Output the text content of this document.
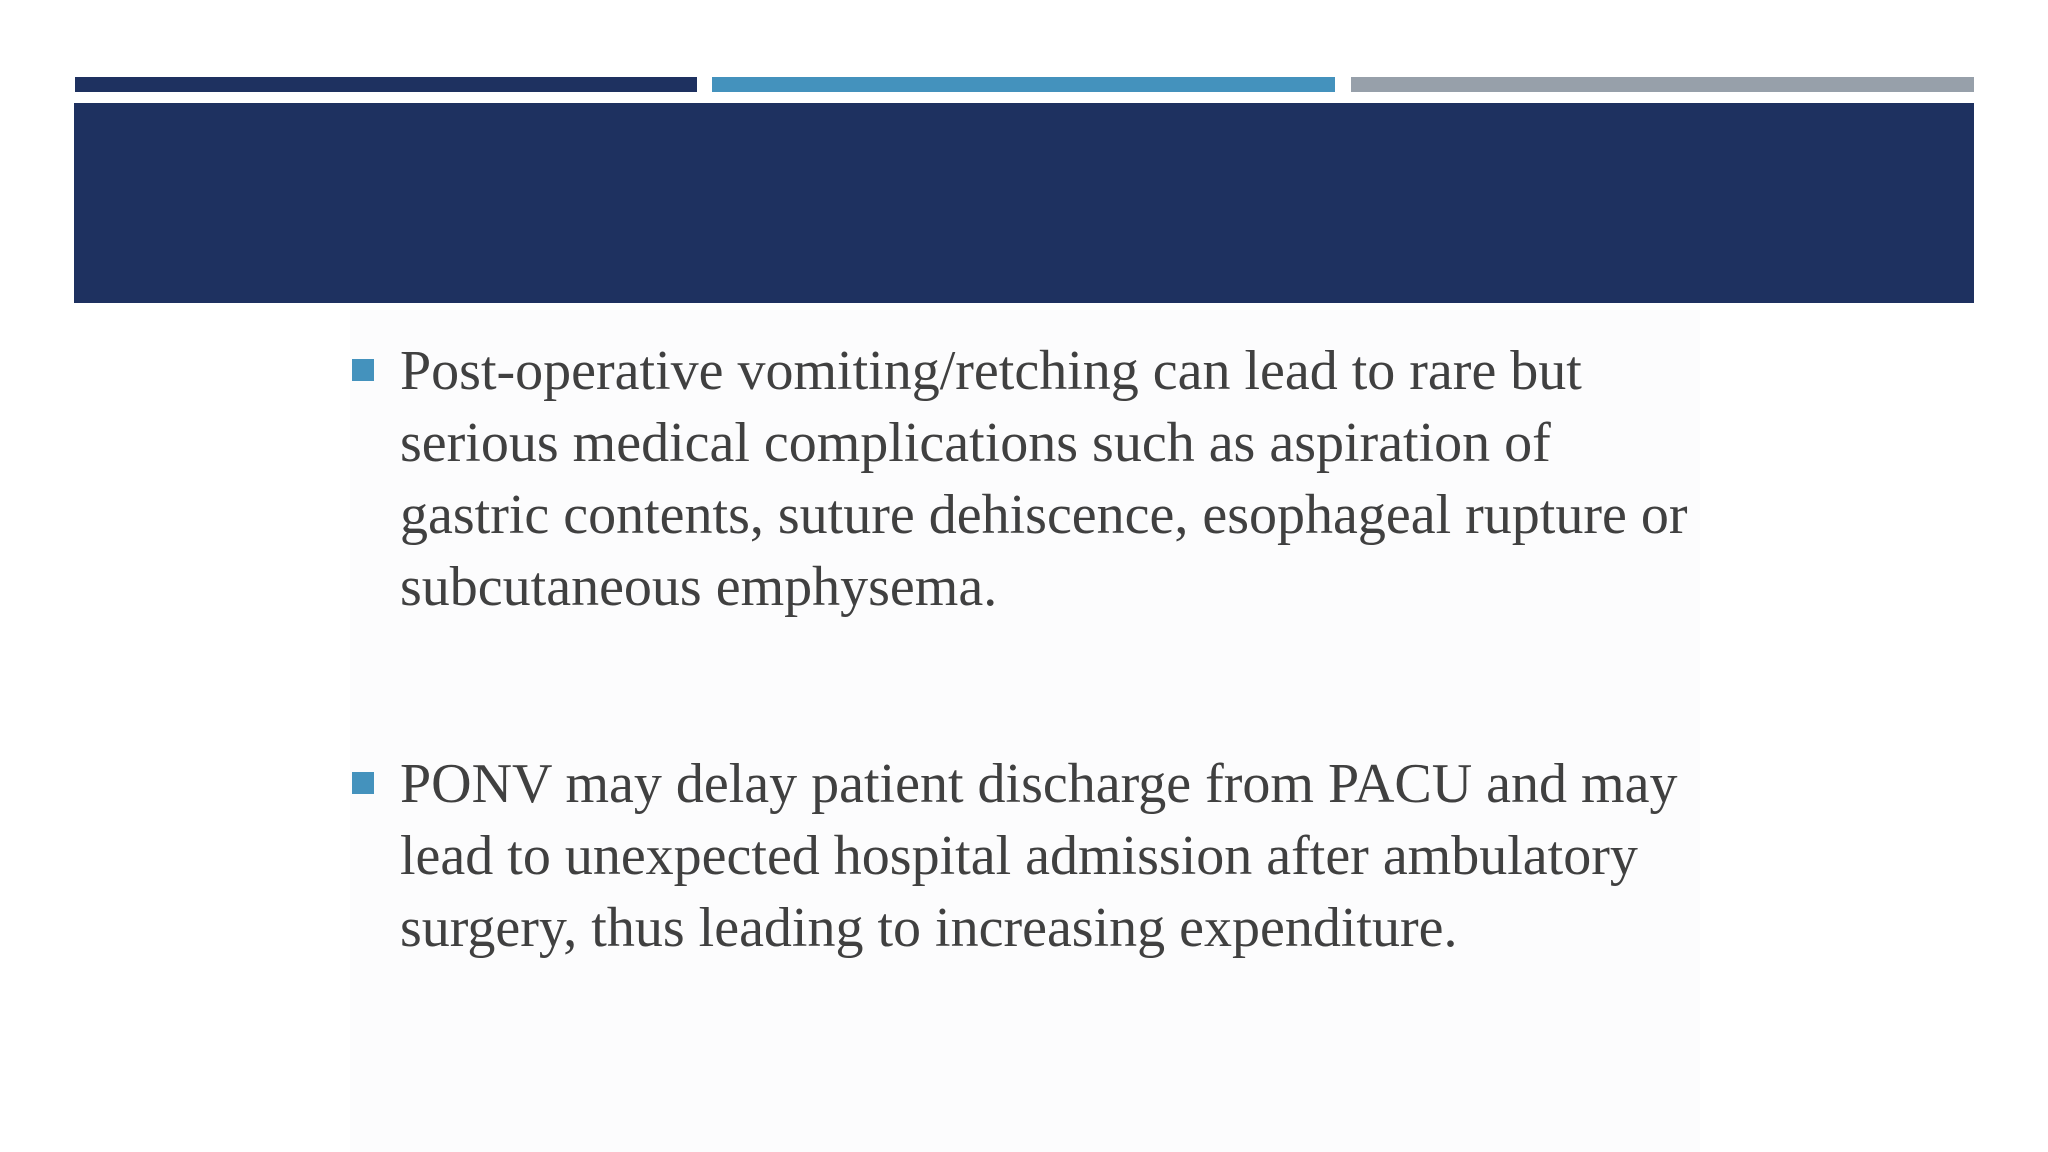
Post-operative vomiting/retching can lead to rare but serious medical complications such as aspiration of gastric contents, suture dehiscence, esophageal rupture or subcutaneous emphysema.
PONV may delay patient discharge from PACU and may lead to unexpected hospital admission after ambulatory surgery, thus leading to increasing expenditure.
